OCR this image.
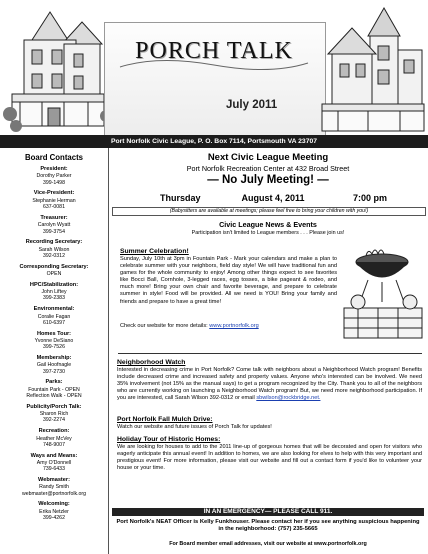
PORCH TALK
July 2011
Port Norfolk Civic League, P. O. Box 7114, Portsmouth VA 23707
Board Contacts
President:
Dorothy Parker
399-1498
Vice-President:
Stephanie Herman
637-0081
Treasurer:
Carolyn Wyatt
399-3754
Recording Secretary:
Sarah Wilson
392-0312
Corresponding Secretary:
OPEN
HPC/Stabilization:
John Liftey
399-2383
Environmental:
Coralie Fagan
610-6397
Homes Tour:
Yvonne DeSiano
399-7526
Membership:
Gail Hoofnagle
397-2730
Parks:
Fountain Park - OPEN
Reflection Walk - OPEN
Publicity/Porch Talk:
Sharon Rich
392-2274
Recreation:
Heather McVey
748-9007
Ways and Means:
Amy O'Donnell
739-6433
Webmaster:
Randy Smith
webmaster@portnorfolk.org
Welcoming:
Erika Netzler
399-4262
Next Civic League Meeting
Port Norfolk Recreation Center at 432 Broad Street
— No July Meeting! —
Thursday	August 4, 2011	7:00 pm
(Babysitters are available at meetings; please feel free to bring your children with you!)
Civic League News & Events
Participation isn't limited to League members . . . Please join us!
Summer Celebration!
Sunday, July 10th at 3pm in Fountain Park - Mark your calendars and make a plan to celebrate summer with your neighbors, field day style! We will have traditional fun and games for the whole community to enjoy! Among other things expect to see favorites like Bocci Ball, Cornhole, 3-legged races, egg tosses, a bike pageant & rodeo, and much more! Bring your own chair and favorite beverage, and prepare to celebrate summer in style! Food will be provided. All we need is YOU! Bring your family and friends and prepare to have a great time!
Check our website for more details: www.portnorfolk.org
Neighborhood Watch
Interested in decreasing crime in Port Norfolk? Come talk with neighbors about a Neighborhood Watch program! Benefits include decreased crime and increased safety and property values. Anyone who's interested can be involved. We need 35% involvement (not 15% as the manual says) to get a program recognized by the City. Thank you to all of the neighbors who are currently working on launching a Neighborhood Watch program! But, we need more neighborhood participation. If you are interested, call Sarah Wilson 392-0312 or email sbwilson@rockbridge.net.
Port Norfolk Fall Mulch Drive:
Watch our website and future issues of Porch Talk for updates!
Holiday Tour of Historic Homes:
We are looking for houses to add to the 2011 line-up of gorgeous homes that will be decorated and open for visitors who eagerly anticipate this annual event! In addition to homes, we are also looking for elves to help with this very important and prestigious event! For more information, please visit our website and fill out a contact form if you'd like to volunteer your house or your time.
IN AN EMERGENCY— PLEASE CALL 911.
Port Norfolk's NEAT Officer is Kelly Funkhouser. Please contact her if you see anything suspicious happening in the neighborhood: (757) 235-5665
For Board member email addresses, visit our website at www.portnorfolk.org
